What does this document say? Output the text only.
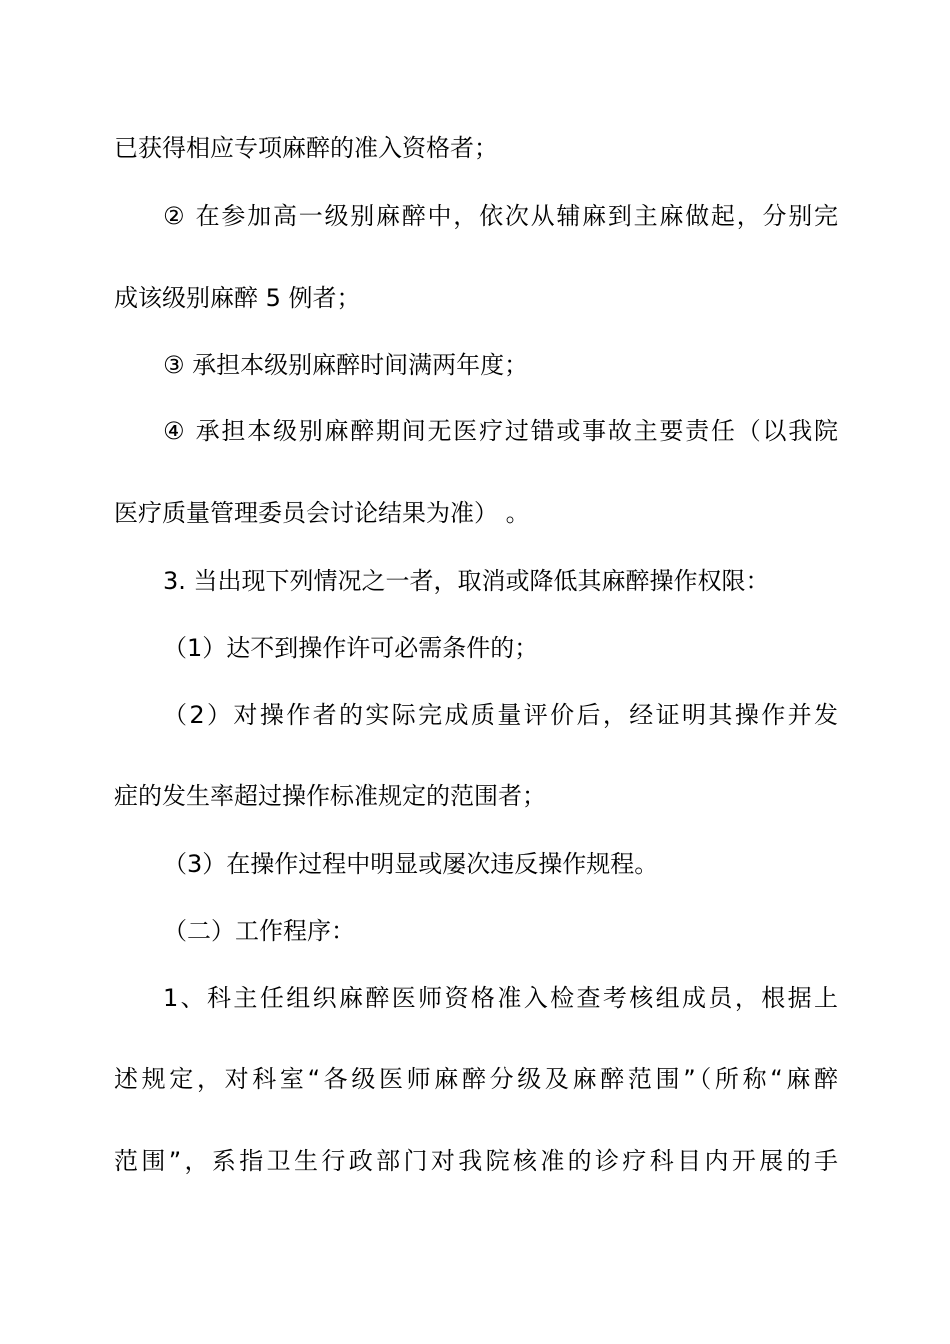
已获得相应专项麻醉的准入资格者；
② 在参加高一级别麻醉中，依次从辅麻到主麻做起，分别完
成该级别麻醉 5 例者；
③ 承担本级别麻醉时间满两年度；
④ 承担本级别麻醉期间无医疗过错或事故主要责任（以我院
医疗质量管理委员会讨论结果为准） 。
3. 当出现下列情况之一者，取消或降低其麻醉操作权限：
（1）达不到操作许可必需条件的；
（2）对操作者的实际完成质量评价后，经证明其操作并发
症的发生率超过操作标准规定的范围者；
（3）在操作过程中明显或屡次违反操作规程。
（二）工作程序：
1、科主任组织麻醉医师资格准入检查考核组成员，根据上
述规定，对科室“各级医师麻醉分级及麻醉范围”（所称“麻醉
范围”，系指卫生行政部门对我院核准的诊疗科目内开展的手
